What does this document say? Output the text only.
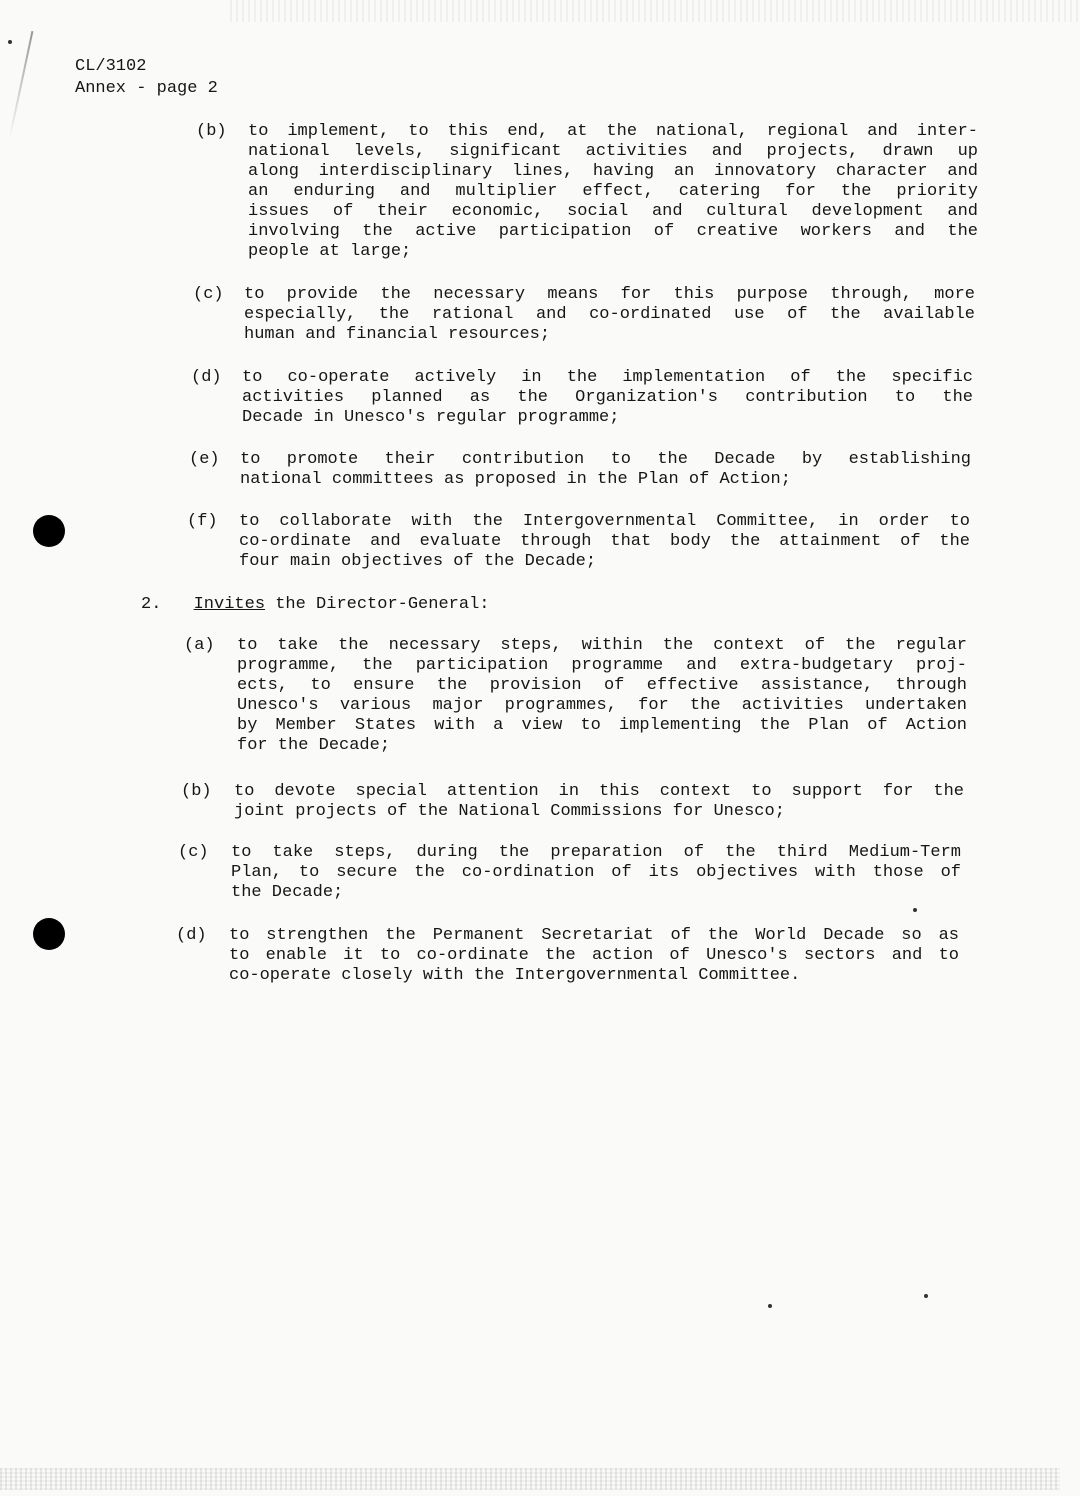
CL/3102
Annex - page 2
(b) to implement, to this end, at the national, regional and inter-
national levels, significant activities and projects, drawn up
along interdisciplinary lines, having an innovatory character and
an enduring and multiplier effect, catering for the priority
issues of their economic, social and cultural development and
involving the active participation of creative workers and the
people at large;
(c) to provide the necessary means for this purpose through, more
especially, the rational and co-ordinated use of the available
human and financial resources;
(d) to co-operate actively in the implementation of the specific
activities planned as the Organization's contribution to the
Decade in Unesco's regular programme;
(e) to promote their contribution to the Decade by establishing
national committees as proposed in the Plan of Action;
(f) to collaborate with the Intergovernmental Committee, in order to
co-ordinate and evaluate through that body the attainment of the
four main objectives of the Decade;
2. Invites the Director-General:
(a) to take the necessary steps, within the context of the regular
programme, the participation programme and extra-budgetary proj-
ects, to ensure the provision of effective assistance, through
Unesco's various major programmes, for the activities undertaken
by Member States with a view to implementing the Plan of Action
for the Decade;
(b) to devote special attention in this context to support for the
joint projects of the National Commissions for Unesco;
(c) to take steps, during the preparation of the third Medium-Term
Plan, to secure the co-ordination of its objectives with those of
the Decade;
(d) to strengthen the Permanent Secretariat of the World Decade so as
to enable it to co-ordinate the action of Unesco's sectors and to
co-operate closely with the Intergovernmental Committee.
